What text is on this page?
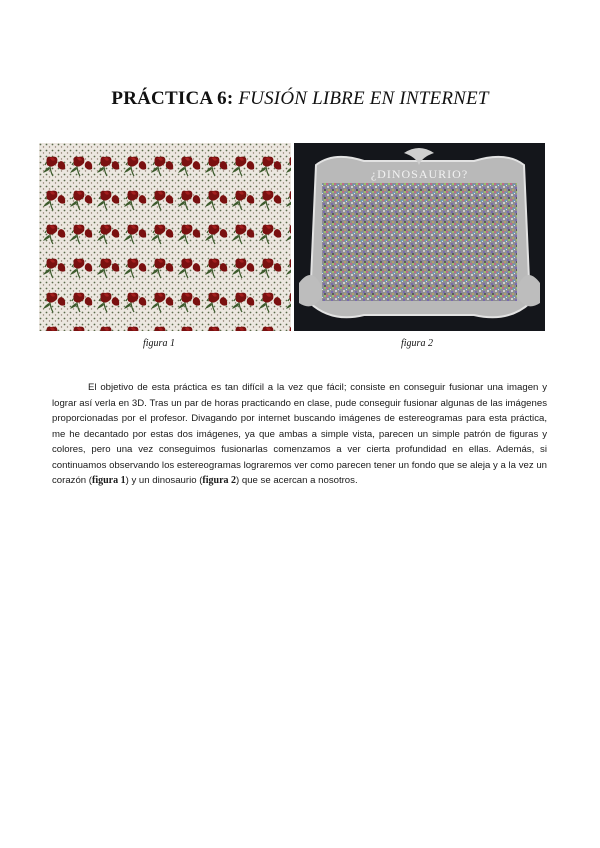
PRÁCTICA 6: FUSIÓN LIBRE EN INTERNET
¿DINOSAURIO?
figura 1	figura 2
El objetivo de esta práctica es tan difícil a la vez que fácil; consiste en conseguir fusionar una imagen y lograr así verla en 3D. Tras un par de horas practicando en clase, pude conseguir fusionar algunas de las imágenes proporcionadas por el profesor. Divagando por internet buscando imágenes de estereogramas para esta práctica, me he decantado por estas dos imágenes, ya que ambas a simple vista, parecen un simple patrón de figuras y colores, pero una vez conseguimos fusionarlas comenzamos a ver cierta profundidad en ellas. Además, si continuamos observando los estereogramas lograremos ver como parecen tener un fondo que se aleja y a la vez un corazón (figura 1) y un dinosaurio (figura 2) que se acercan a nosotros.
